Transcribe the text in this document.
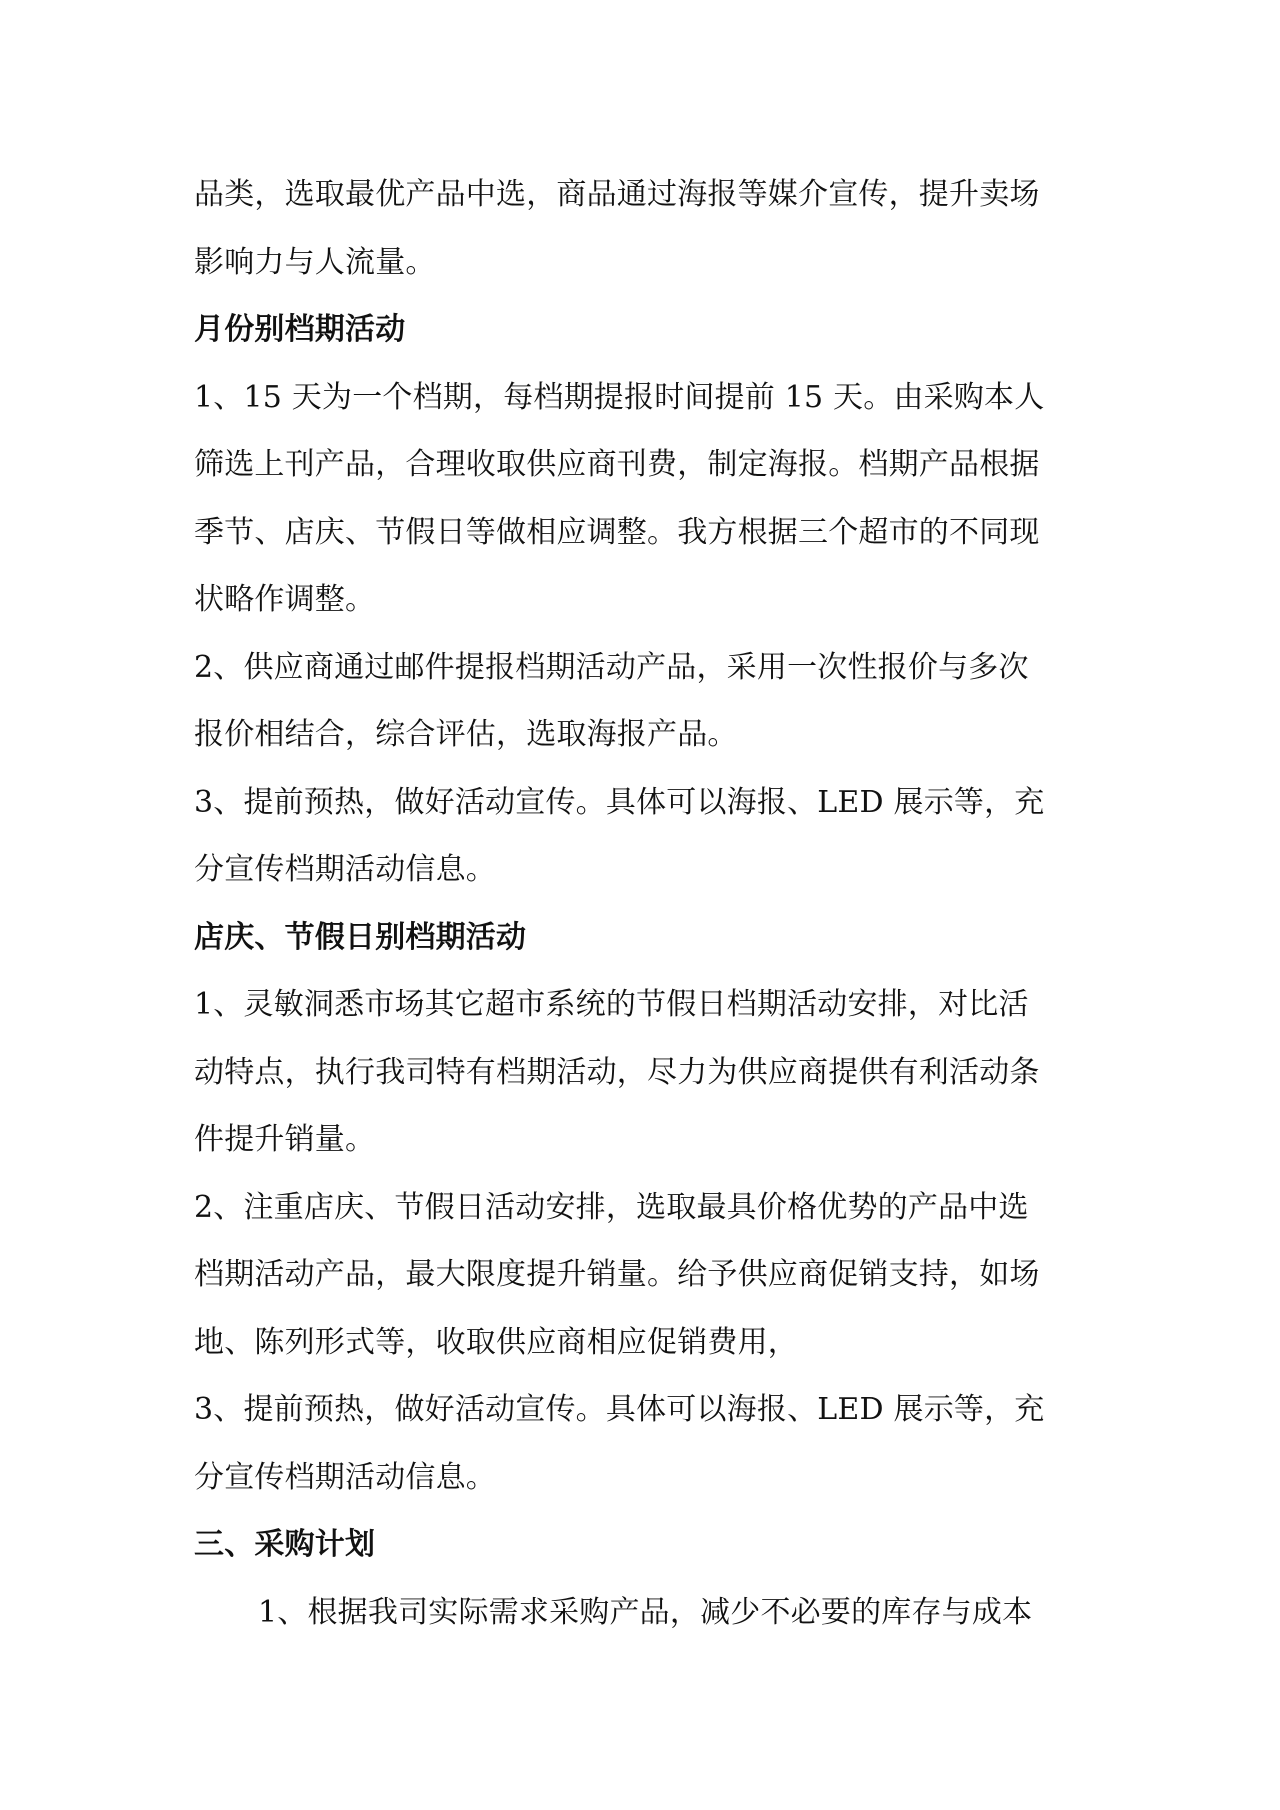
品类，选取最优产品中选，商品通过海报等媒介宣传，提升卖场
影响力与人流量。
月份别档期活动
1、15 天为一个档期，每档期提报时间提前 15 天。由采购本人
筛选上刊产品，合理收取供应商刊费，制定海报。档期产品根据
季节、店庆、节假日等做相应调整。我方根据三个超市的不同现
状略作调整。
2、供应商通过邮件提报档期活动产品，采用一次性报价与多次
报价相结合，综合评估，选取海报产品。
3、提前预热，做好活动宣传。具体可以海报、LED 展示等，充
分宣传档期活动信息。
店庆、节假日别档期活动
1、灵敏洞悉市场其它超市系统的节假日档期活动安排，对比活
动特点，执行我司特有档期活动，尽力为供应商提供有利活动条
件提升销量。
2、注重店庆、节假日活动安排，选取最具价格优势的产品中选
档期活动产品，最大限度提升销量。给予供应商促销支持，如场
地、陈列形式等，收取供应商相应促销费用，
3、提前预热，做好活动宣传。具体可以海报、LED 展示等，充
分宣传档期活动信息。
三、采购计划
1、根据我司实际需求采购产品，减少不必要的库存与成本
